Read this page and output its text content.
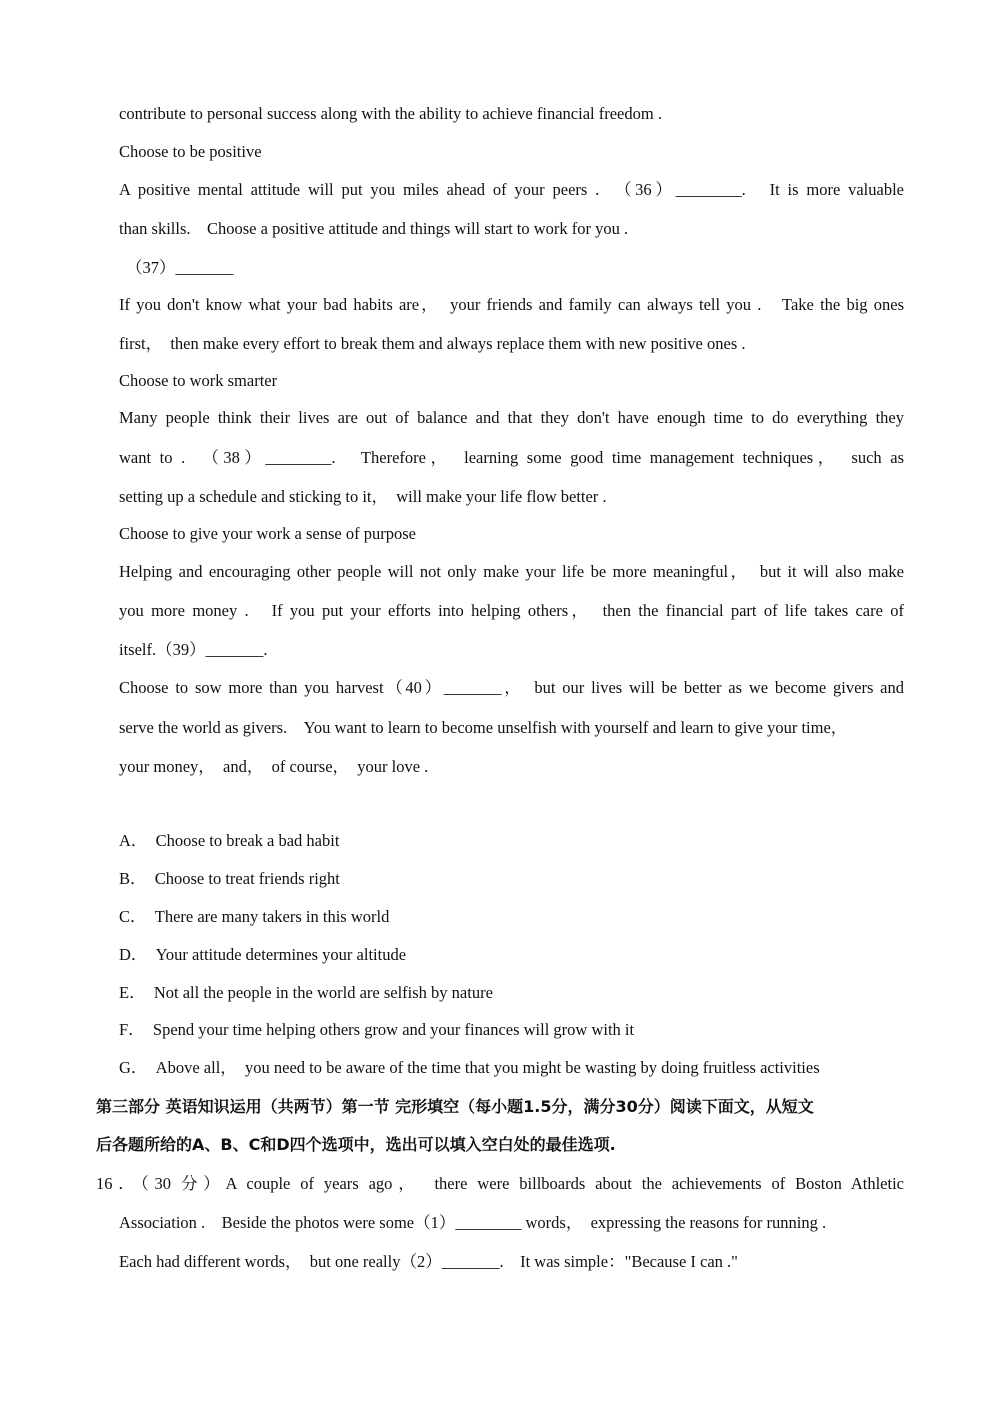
contribute to personal success along with the ability to achieve financial freedom .

Choose to be positive

A positive mental attitude will put you miles ahead of your peers .　（36）________.　It is more valuable

than skills.　Choose a positive attitude and things will start to work for you .

（37）_______

If you don't know what your bad habits are，　your friends and family can always tell you .　Take the big ones

first，　then make every effort to break them and always replace them with new positive ones .

Choose to work smarter

Many people think their lives are out of balance and that they don't have enough time to do everything they

want to .　（38）________.　Therefore，　learning some good time management techniques，　such as

setting up a schedule and sticking to it，　will make your life flow better .

Choose to give your work a sense of purpose

Helping and encouraging other people will not only make your life be more meaningful，　but it will also make

you more money .　If you put your efforts into helping others，　then the financial part of life takes care of

itself.（39）_______.

Choose to sow more than you harvest（40）_______，　but our lives will be better as we become givers and

serve the world as givers.　You want to learn to become unselfish with yourself and learn to give your time，

your money，　and，　of course，　your love .

A．　Choose to break a bad habit

B．　Choose to treat friends right

C．　There are many takers in this world

D．　Your attitude determines your altitude

E．　Not all the people in the world are selfish by nature

F．　Spend your time helping others grow and your finances will grow with it

G．　Above all，　you need to be aware of the time that you might be wasting by doing fruitless activities

第三部分 英语知识运用（共两节）第一节 完形填空（每小题1.5分，满分30分）阅读下面文，从短文

后各题所给的A、B、C和D四个选项中，选出可以填入空白处的最佳选项.

16．（30 分）A couple of years ago，　there were billboards about the achievements of Boston Athletic

Association .　Beside the photos were some（1）________ words，　expressing the reasons for running .

Each had different words，　but one really（2）_______.　It was simple："Because I can ."
